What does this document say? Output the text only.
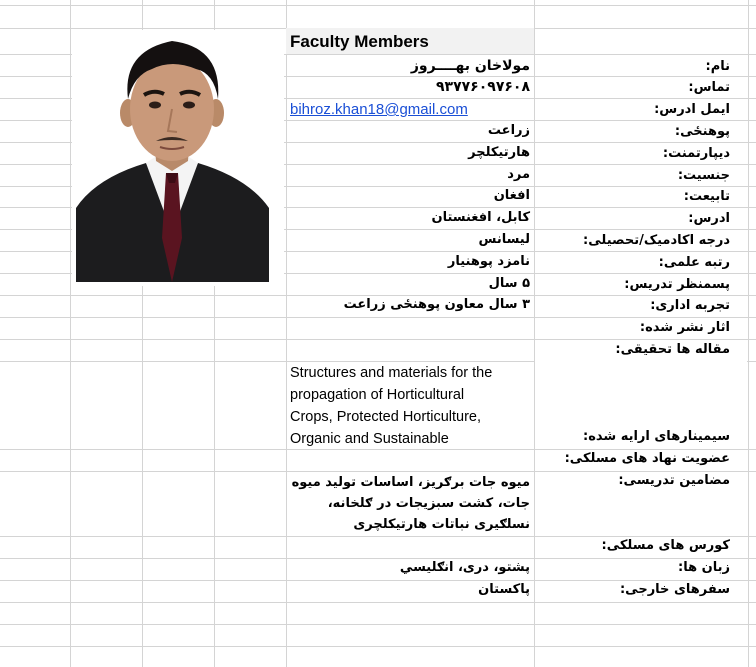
Faculty Members
نام:
تماس:
ایمل ادرس:
پوهنځی:
دیپارتمنت:
جنسیت:
تابیعت:
ادرس:
درجه اکادمیک/تحصیلی:
رتبه علمی:
پسمنظر تدریس:
تجربه اداری:
اثار نشر شده:
مقاله ها تحقیقی:
سیمینارهای ارایه شده:
عضویت نهاد های مسلکی:
مضامین تدریسی:
کورس های مسلکی:
زبان ها:
سفرهای خارجی:
مولاخان بهــــروز
۹۳۷۷۶۰۹۷۶۰۸
bihroz.khan18@gmail.com
زراعت
هارتیکلچر
مرد
افغان
کابل، افغنستان
لیسانس
نامزد پوهنیار
۵ سال
۳ سال معاون پوهنځی زراعت
Structures and materials for the
propagation of Horticultural
Crops, Protected Horticulture,
Organic and Sustainable
میوه جات برګریز، اساسات تولید میوه
جات، کشت سبزیجات در ګلخانه،
نسلګیری نباتات هارتیکلچری
پشتو، دری، انګلیسي
پاکستان
